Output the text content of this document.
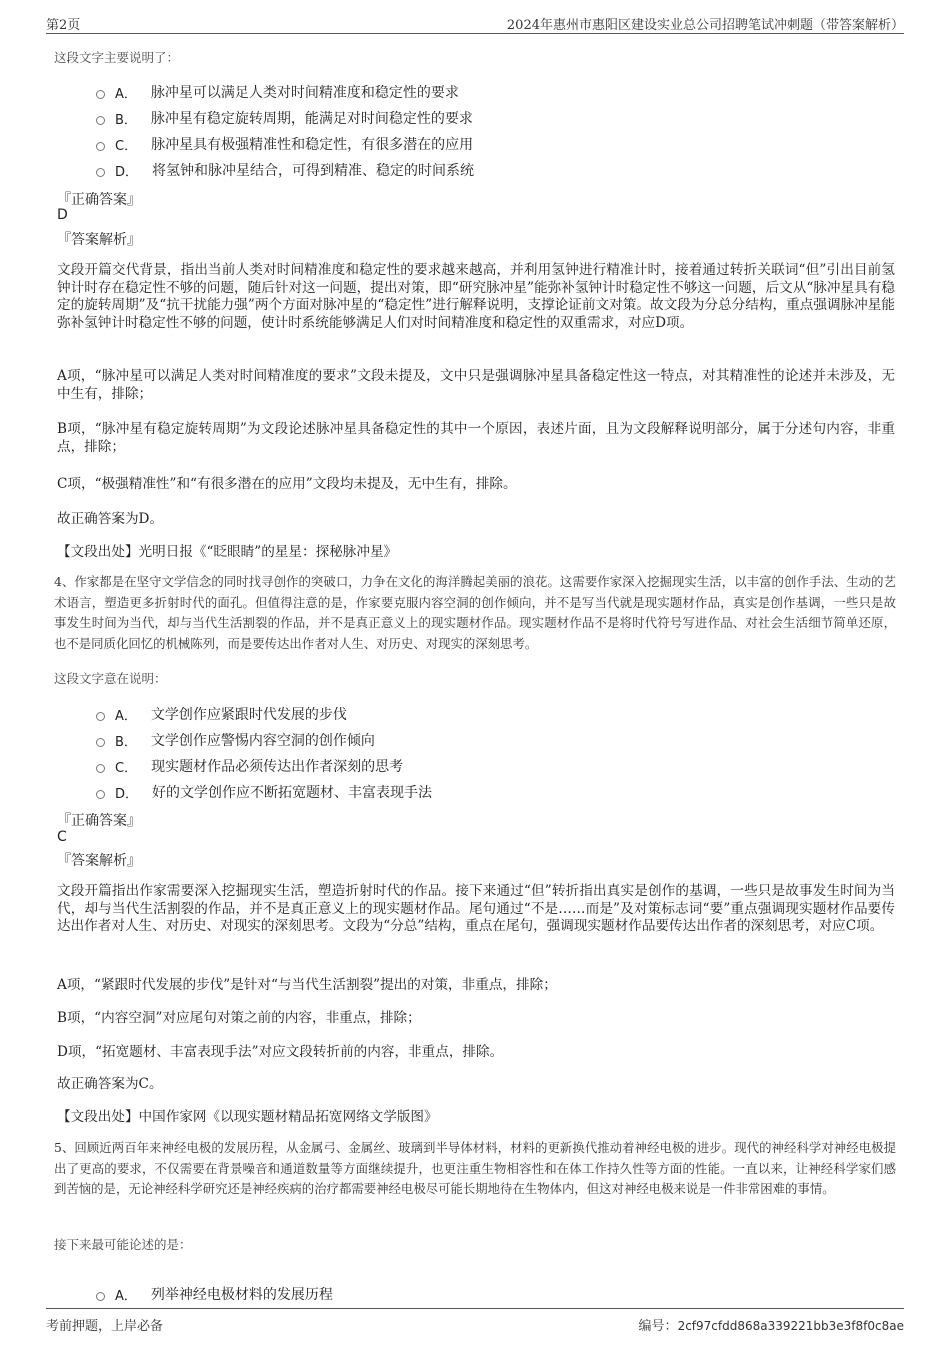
第2页	2024年惠州市惠阳区建设实业总公司招聘笔试冲刺题（带答案解析）
这段文字主要说明了：
A． 脉冲星可以满足人类对时间精准度和稳定性的要求
B． 脉冲星有稳定旋转周期，能满足对时间稳定性的要求
C． 脉冲星具有极强精准性和稳定性，有很多潜在的应用
D． 将氢钟和脉冲星结合，可得到精准、稳定的时间系统
『正确答案』
D
『答案解析』
文段开篇交代背景，指出当前人类对时间精准度和稳定性的要求越来越高，并利用氢钟进行精准计时，接着通过转折关联词“但”引出目前氢钟计时存在稳定性不够的问题，随后针对这一问题，提出对策，即“研究脉冲星”能弥补氢钟计时稳定性不够这一问题，后文从“脉冲星具有稳定的旋转周期”及“抗干扰能力强”两个方面对脉冲星的“稳定性”进行解释说明，支撑论证前文对策。故文段为分总分结构，重点强调脉冲星能弥补氢钟计时稳定性不够的问题，使计时系统能够满足人们对时间精准度和稳定性的双重需求，对应D项。
A项，“脉冲星可以满足人类对时间精准度的要求”文段未提及，文中只是强调脉冲星具备稳定性这一特点，对其精准性的论述并未涉及，无中生有，排除；
B项，“脉冲星有稳定旋转周期”为文段论述脉冲星具备稳定性的其中一个原因，表述片面，且为文段解释说明部分，属于分述句内容，非重点，排除；
C项，“极强精准性”和“有很多潜在的应用”文段均未提及，无中生有，排除。
故正确答案为D。
【文段出处】光明日报《“眨眼睛”的星星：探秘脉冲星》
4、作家都是在坚守文学信念的同时找寻创作的突破口，力争在文化的海洋腾起美丽的浪花。这需要作家深入挖掘现实生活，以丰富的创作手法、生动的艺术语言，塑造更多折射时代的面孔。但值得注意的是，作家要克服内容空洞的创作倾向，并不是写当代就是现实题材作品，真实是创作基调，一些只是故事发生时间为当代，却与当代生活割裂的作品，并不是真正意义上的现实题材作品。现实题材作品不是将时代符号写进作品、对社会生活细节简单还原，也不是同质化回忆的机械陈列，而是要传达出作者对人生、对历史、对现实的深刻思考。
这段文字意在说明：
A． 文学创作应紧跟时代发展的步伐
B． 文学创作应警惕内容空洞的创作倾向
C． 现实题材作品必须传达出作者深刻的思考
D． 好的文学创作应不断拓宽题材、丰富表现手法
『正确答案』
C
『答案解析』
文段开篇指出作家需要深入挖掘现实生活，塑造折射时代的作品。接下来通过“但”转折指出真实是创作的基调，一些只是故事发生时间为当代，却与当代生活割裂的作品，并不是真正意义上的现实题材作品。尾句通过“不是……而是”及对策标志词“要”重点强调现实题材作品要传达出作者对人生、对历史、对现实的深刻思考。文段为“分总”结构，重点在尾句，强调现实题材作品要传达出作者的深刻思考，对应C项。
A项，“紧跟时代发展的步伐”是针对“与当代生活割裂”提出的对策，非重点，排除；
B项，“内容空洞”对应尾句对策之前的内容，非重点，排除；
D项，“拓宽题材、丰富表现手法”对应文段转折前的内容，非重点，排除。
故正确答案为C。
【文段出处】中国作家网《以现实题材精品拓宽网络文学版图》
5、回顾近两百年来神经电极的发展历程，从金属弓、金属丝、玻璃到半导体材料，材料的更新换代推动着神经电极的进步。现代的神经科学对神经电极提出了更高的要求，不仅需要在背景噪音和通道数量等方面继续提升，也更注重生物相容性和在体工作持久性等方面的性能。一直以来，让神经科学家们感到苦恼的是，无论神经科学研究还是神经疾病的治疗都需要神经电极尽可能长期地待在生物体内，但这对神经电极来说是一件非常困难的事情。
接下来最可能论述的是：
A． 列举神经电极材料的发展历程
考前押题，上岸必备	编号：2cf97cfdd868a339221bb3e3f8f0c8ae
